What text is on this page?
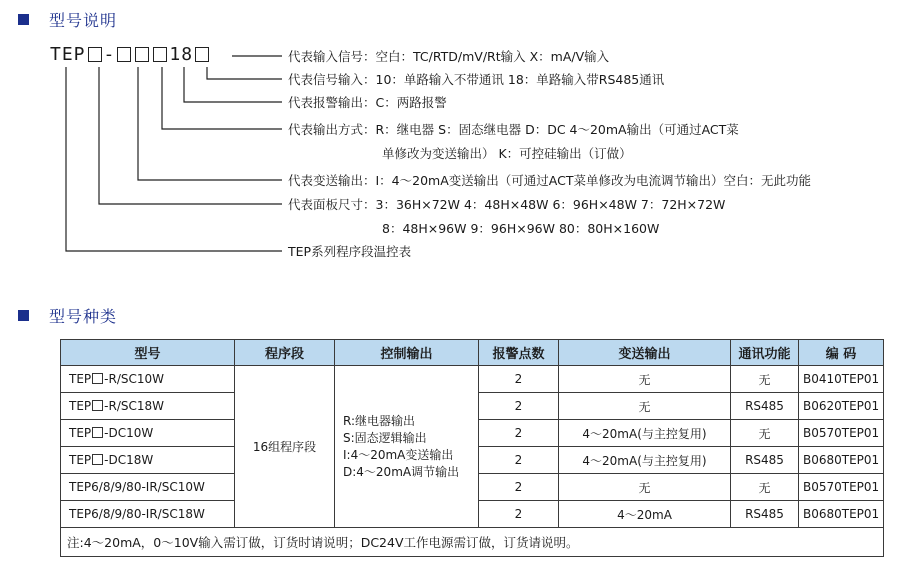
型号说明
TEP -	18	代表输入信号：空白：TC/RTD/mV/Rt输入 X：mA/V输入
代表信号输入：10：单路输入不带通讯 18：单路输入带RS485通讯
代表报警输出：C：两路报警
代表输出方式：R：继电器 S：固态继电器 D：DC 4～20mA输出（可通过ACT菜
单修改为变送输出） K：可控硅输出（订做）
代表变送输出：I：4～20mA变送输出（可通过ACT菜单修改为电流调节输出）空白：无此功能
代表面板尺寸：3：36H×72W 4：48H×48W 6：96H×48W 7：72H×72W
8：48H×96W 9：96H×96W 80：80H×160W
TEP系列程序段温控表
型号种类
型号	程序段	控制输出	报警点数	变送输出	通讯功能	编 码
TEP -R/SC10W	16组程序段	R:继电器输出
S:固态逻辑输出
I:4～20mA变送输出
D:4～20mA调节输出	2	无	无	B0410TEP01
TEP -R/SC18W			2	无	RS485	B0620TEP01
TEP -DC10W			2	4～20mA(与主控复用)	无	B0570TEP01
TEP -DC18W			2	4～20mA(与主控复用)	RS485	B0680TEP01
TEP6/8/9/80-IR/SC10W			2	无	无	B0570TEP01
TEP6/8/9/80-IR/SC18W			2	4～20mA	RS485	B0680TEP01
注:4～20mA，0～10V输入需订做，订货时请说明；DC24V工作电源需订做，订货请说明。						
